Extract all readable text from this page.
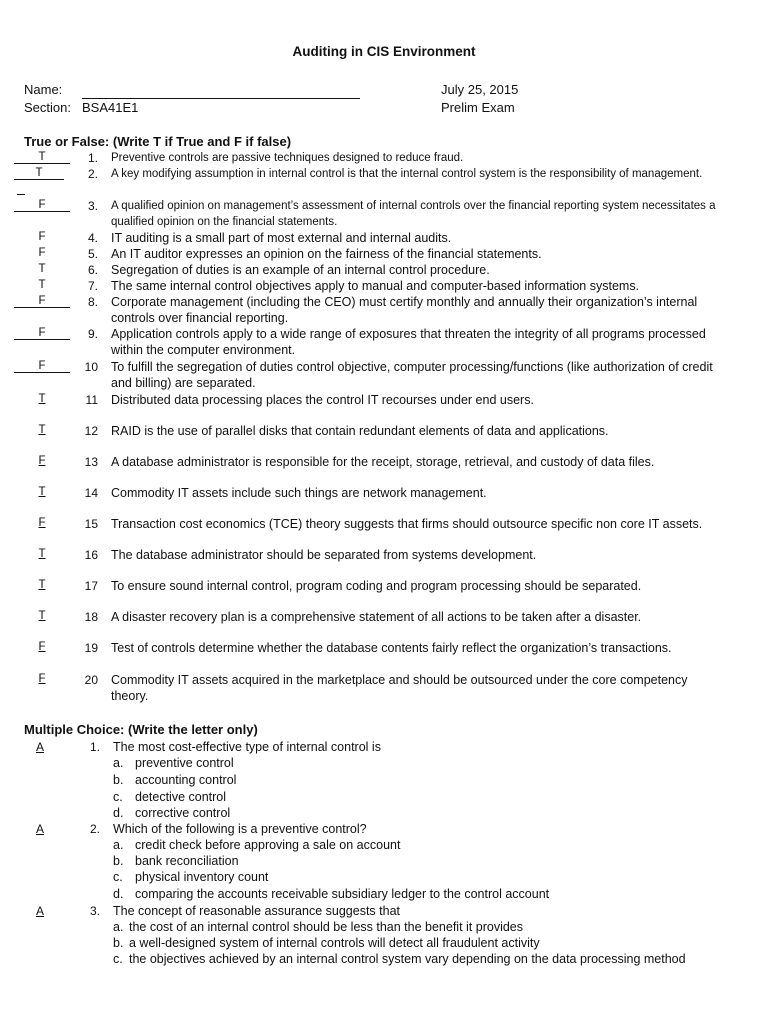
Auditing in CIS Environment
Name:	July 25, 2015
Section: BSA41E1	Prelim Exam
True or False: (Write T if True and F if false)
T	1. Preventive controls are passive techniques designed to reduce fraud.
T	2. A key modifying assumption in internal control is that the internal control system is the responsibility of management.
F	3. A qualified opinion on management’s assessment of internal controls over the financial reporting system necessitates a qualified opinion on the financial statements.
F	4. IT auditing is a small part of most external and internal audits.
F	5. An IT auditor expresses an opinion on the fairness of the financial statements.
T	6. Segregation of duties is an example of an internal control procedure.
T	7. The same internal control objectives apply to manual and computer-based information systems.
F	8. Corporate management (including the CEO) must certify monthly and annually their organization’s internal controls over financial reporting.
F	9. Application controls apply to a wide range of exposures that threaten the integrity of all programs processed within the computer environment.
F	10 To fulfill the segregation of duties control objective, computer processing/functions (like authorization of credit and billing) are separated.
T	11 Distributed data processing places the control IT recourses under end users.
T	12 RAID is the use of parallel disks that contain redundant elements of data and applications.
F	13 A database administrator is responsible for the receipt, storage, retrieval, and custody of data files.
T	14 Commodity IT assets include such things are network management.
F	15 Transaction cost economics (TCE) theory suggests that firms should outsource specific non core IT assets.
T	16 The database administrator should be separated from systems development.
T	17 To ensure sound internal control, program coding and program processing should be separated.
T	18 A disaster recovery plan is a comprehensive statement of all actions to be taken after a disaster.
F	19 Test of controls determine whether the database contents fairly reflect the organization’s transactions.
F	20 Commodity IT assets acquired in the marketplace and should be outsourced under the core competency theory.
Multiple Choice: (Write the letter only)
A	1. The most cost-effective type of internal control is
a. preventive control
b. accounting control
c. detective control
d. corrective control
A	2. Which of the following is a preventive control?
a. credit check before approving a sale on account
b. bank reconciliation
c. physical inventory count
d. comparing the accounts receivable subsidiary ledger to the control account
A	3. The concept of reasonable assurance suggests that
a. the cost of an internal control should be less than the benefit it provides
b. a well-designed system of internal controls will detect all fraudulent activity
c. the objectives achieved by an internal control system vary depending on the data processing method
